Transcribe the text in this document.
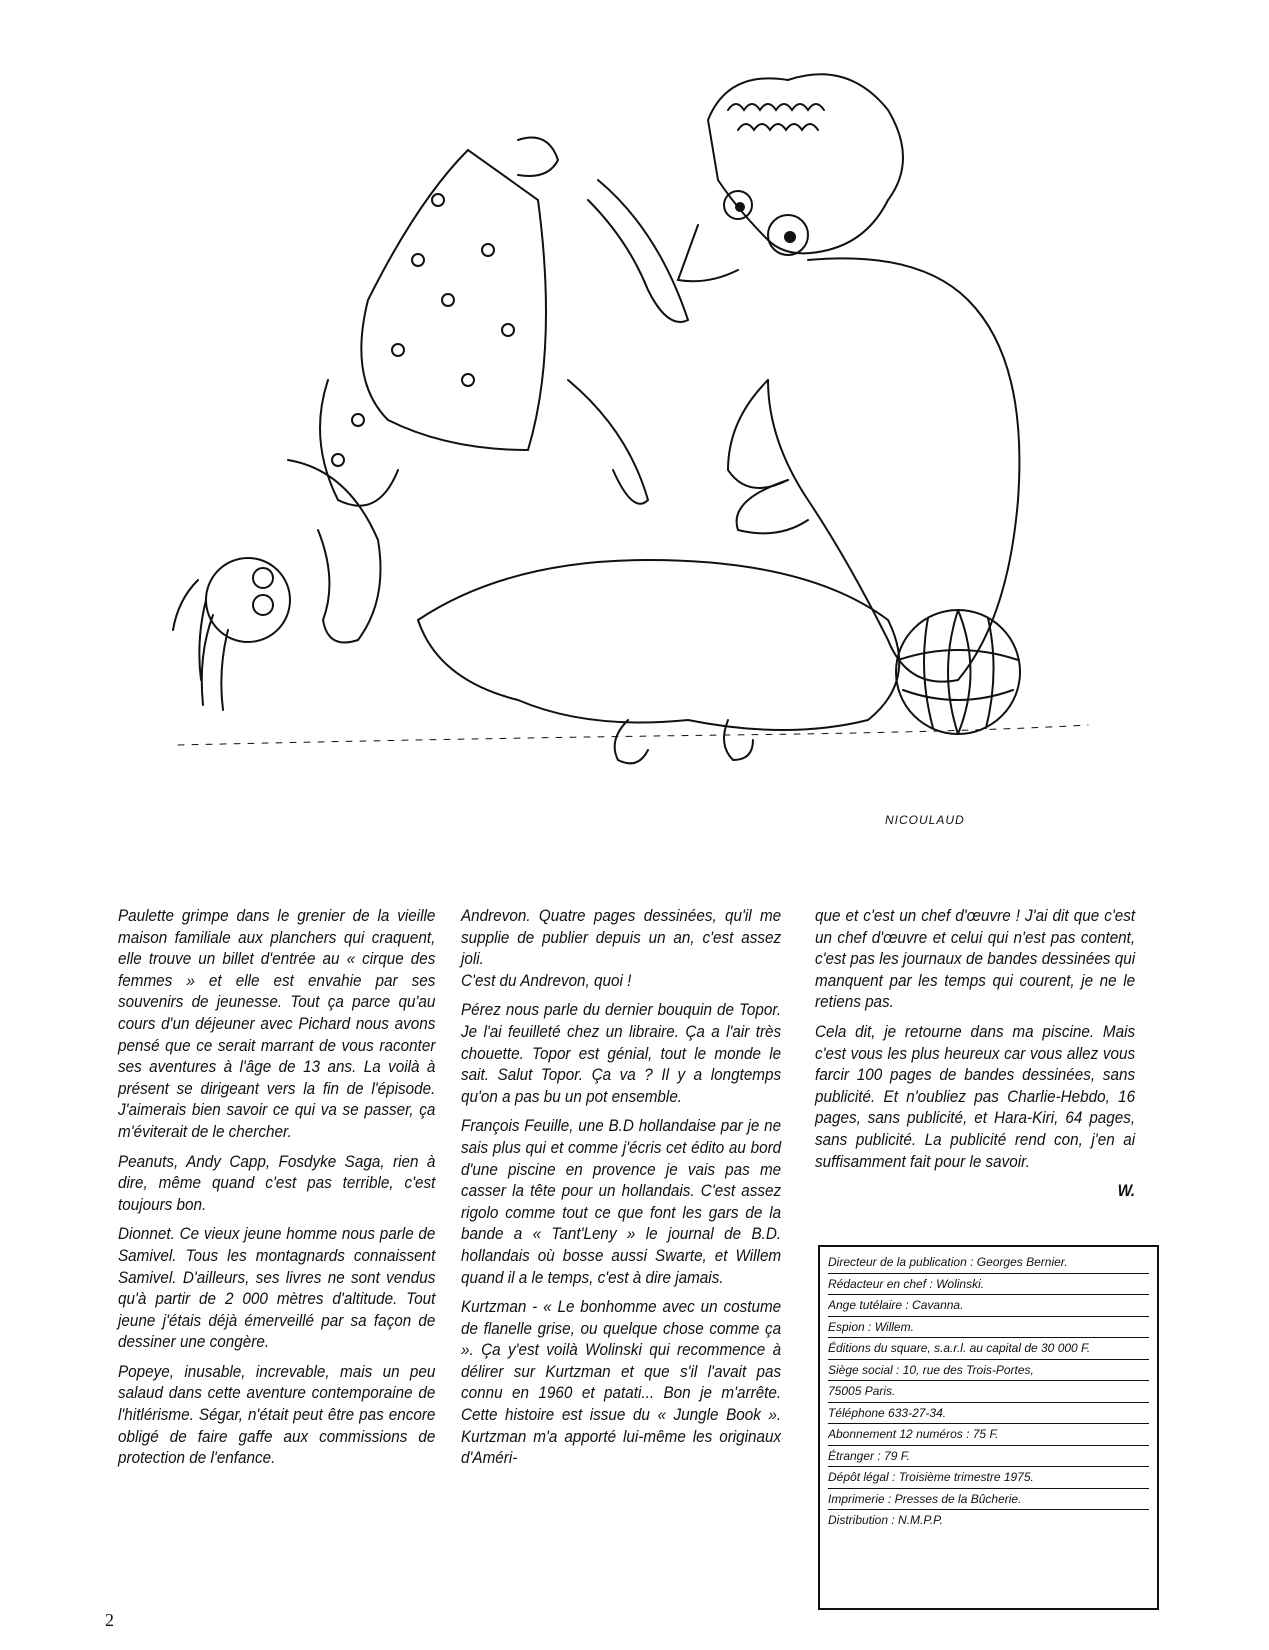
NICOULAUD

Paulette grimpe dans le grenier de la vieille maison familiale aux planchers qui craquent, elle trouve un billet d'entrée au « cirque des femmes » et elle est envahie par ses souvenirs de jeunesse. Tout ça parce qu'au cours d'un déjeuner avec Pichard nous avons pensé que ce serait marrant de vous raconter ses aventures à l'âge de 13 ans. La voilà à présent se dirigeant vers la fin de l'épisode. J'aimerais bien savoir ce qui va se passer, ça m'éviterait de le chercher.

Peanuts, Andy Capp, Fosdyke Saga, rien à dire, même quand c'est pas terrible, c'est toujours bon.

Dionnet. Ce vieux jeune homme nous parle de Samivel. Tous les montagnards connaissent Samivel. D'ailleurs, ses livres ne sont vendus qu'à partir de 2 000 mètres d'altitude. Tout jeune j'étais déjà émerveillé par sa façon de dessiner une congère.

Popeye, inusable, increvable, mais un peu salaud dans cette aventure contemporaine de l'hitlérisme. Ségar, n'était peut être pas encore obligé de faire gaffe aux commissions de protection de l'enfance.

Andrevon. Quatre pages dessinées, qu'il me supplie de publier depuis un an, c'est assez joli.

C'est du Andrevon, quoi !

Pérez nous parle du dernier bouquin de Topor. Je l'ai feuilleté chez un libraire. Ça a l'air très chouette. Topor est génial, tout le monde le sait. Salut Topor. Ça va ? Il y a longtemps qu'on a pas bu un pot ensemble.

François Feuille, une B.D hollandaise par je ne sais plus qui et comme j'écris cet édito au bord d'une piscine en provence je vais pas me casser la tête pour un hollandais. C'est assez rigolo comme tout ce que font les gars de la bande a « Tant'Leny » le journal de B.D. hollandais où bosse aussi Swarte, et Willem quand il a le temps, c'est à dire jamais.

Kurtzman - « Le bonhomme avec un costume de flanelle grise, ou quelque chose comme ça ». Ça y'est voilà Wolinski qui recommence à délirer sur Kurtzman et que s'il l'avait pas connu en 1960 et patati... Bon je m'arrête. Cette histoire est issue du « Jungle Book ». Kurtzman m'a apporté lui-même les originaux d'Améri-

que et c'est un chef d'œuvre ! J'ai dit que c'est un chef d'œuvre et celui qui n'est pas content, c'est pas les journaux de bandes dessinées qui manquent par les temps qui courent, je ne le retiens pas.

Cela dit, je retourne dans ma piscine. Mais c'est vous les plus heureux car vous allez vous farcir 100 pages de bandes dessinées, sans publicité. Et n'oubliez pas Charlie-Hebdo, 16 pages, sans publicité, et Hara-Kiri, 64 pages, sans publicité. La publicité rend con, j'en ai suffisamment fait pour le savoir.

W.

Directeur de la publication : Georges Bernier.
Rédacteur en chef : Wolinski.
Ange tutélaire : Cavanna.
Espion : Willem.
Éditions du square, s.a.r.l. au capital de 30 000 F.
Siège social : 10, rue des Trois-Portes,
75005 Paris.
Téléphone 633-27-34.
Abonnement 12 numéros : 75 F.
Étranger : 79 F.
Dépôt légal : Troisième trimestre 1975.
Imprimerie : Presses de la Bûcherie.
Distribution : N.M.P.P.
2
